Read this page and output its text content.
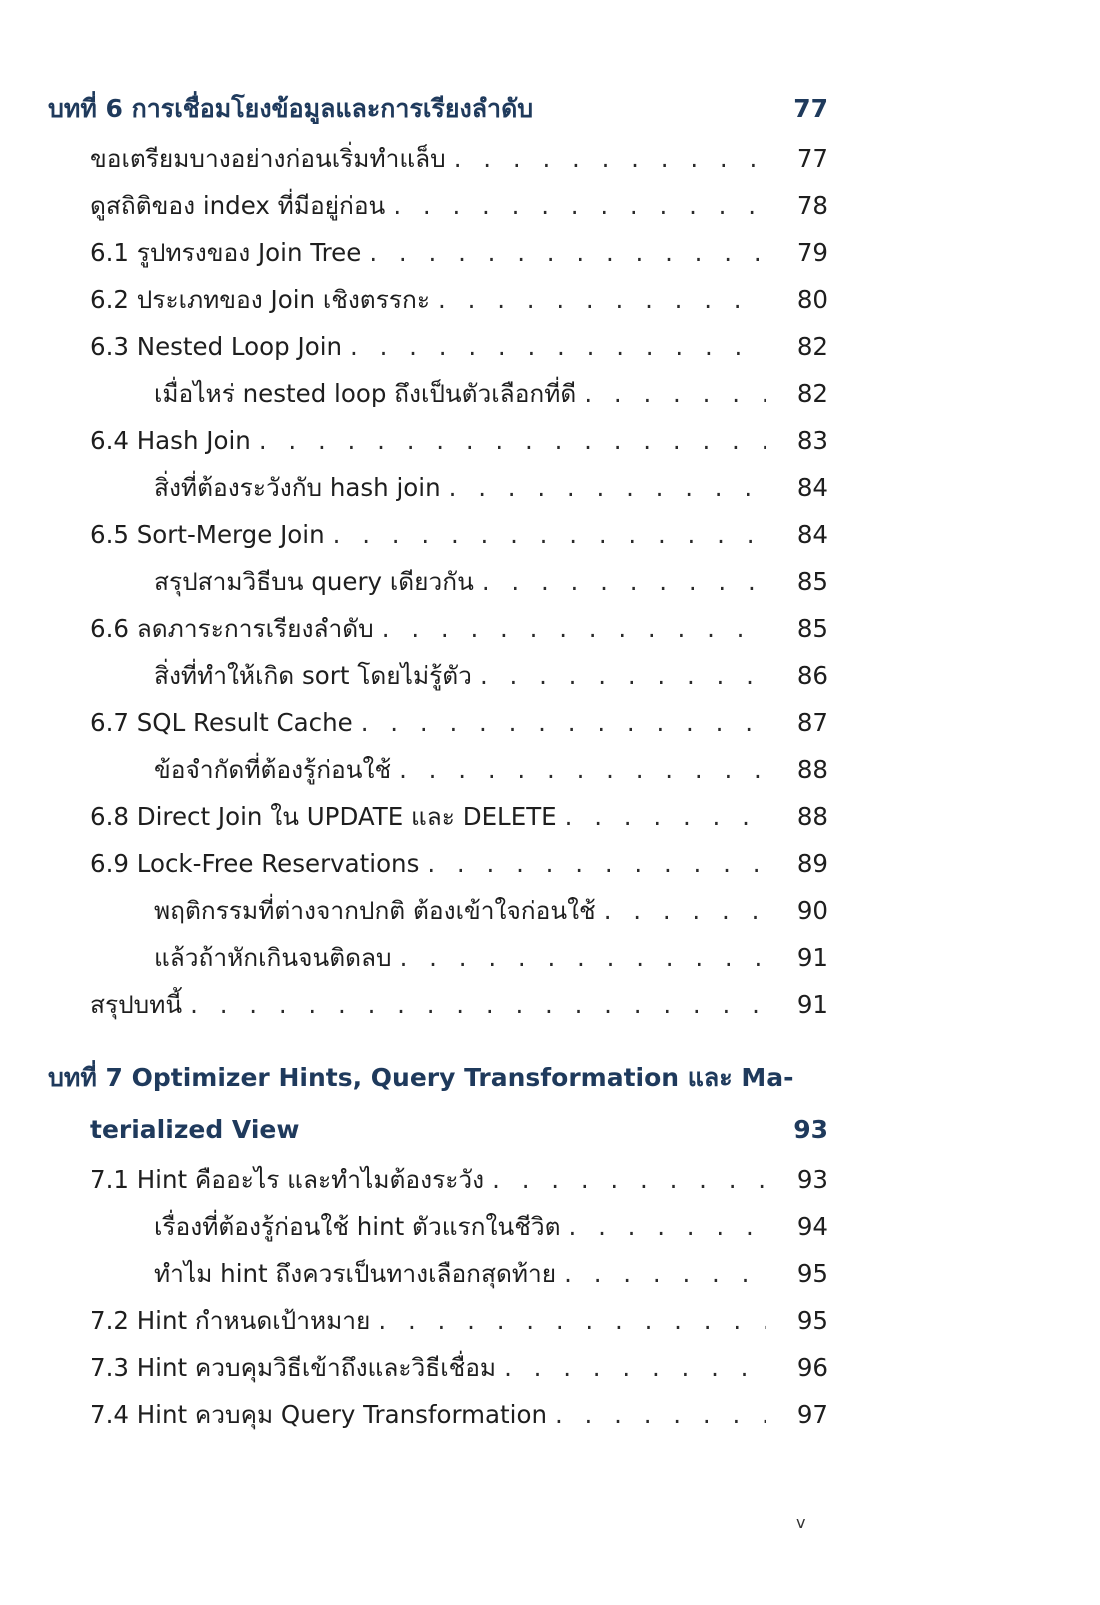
บทที่ 6 การเชื่อมโยงข้อมูลและการเรียงลำดับ	77
ขอเตรียมบางอย่างก่อนเริ่มทำแล็บ . . .	77
ดูสถิติของ index ที่มีอยู่ก่อน . . .	78
6.1 รูปทรงของ Join Tree . . .	79
6.2 ประเภทของ Join เชิงตรรกะ . . .	80
6.3 Nested Loop Join . . .	82
เมื่อไหร่ nested loop ถึงเป็นตัวเลือกที่ดี . . .	82
6.4 Hash Join . . .	83
สิ่งที่ต้องระวังกับ hash join . . .	84
6.5 Sort-Merge Join . . .	84
สรุปสามวิธีบน query เดียวกัน . . .	85
6.6 ลดภาระการเรียงลำดับ . . .	85
สิ่งที่ทำให้เกิด sort โดยไม่รู้ตัว . . .	86
6.7 SQL Result Cache . . .	87
ข้อจำกัดที่ต้องรู้ก่อนใช้ . . .	88
6.8 Direct Join ใน UPDATE และ DELETE . . .	88
6.9 Lock-Free Reservations . . .	89
พฤติกรรมที่ต่างจากปกติ ต้องเข้าใจก่อนใช้ . . .	90
แล้วถ้าหักเกินจนติดลบ . . .	91
สรุปบทนี้ . . .	91
บทที่ 7 Optimizer Hints, Query Transformation และ Ma-
terialized View	93
7.1 Hint คืออะไร และทำไมต้องระวัง . . .	93
เรื่องที่ต้องรู้ก่อนใช้ hint ตัวแรกในชีวิต . . .	94
ทำไม hint ถึงควรเป็นทางเลือกสุดท้าย . . .	95
7.2 Hint กำหนดเป้าหมาย . . .	95
7.3 Hint ควบคุมวิธีเข้าถึงและวิธีเชื่อม . . .	96
7.4 Hint ควบคุม Query Transformation . . .	97
v
